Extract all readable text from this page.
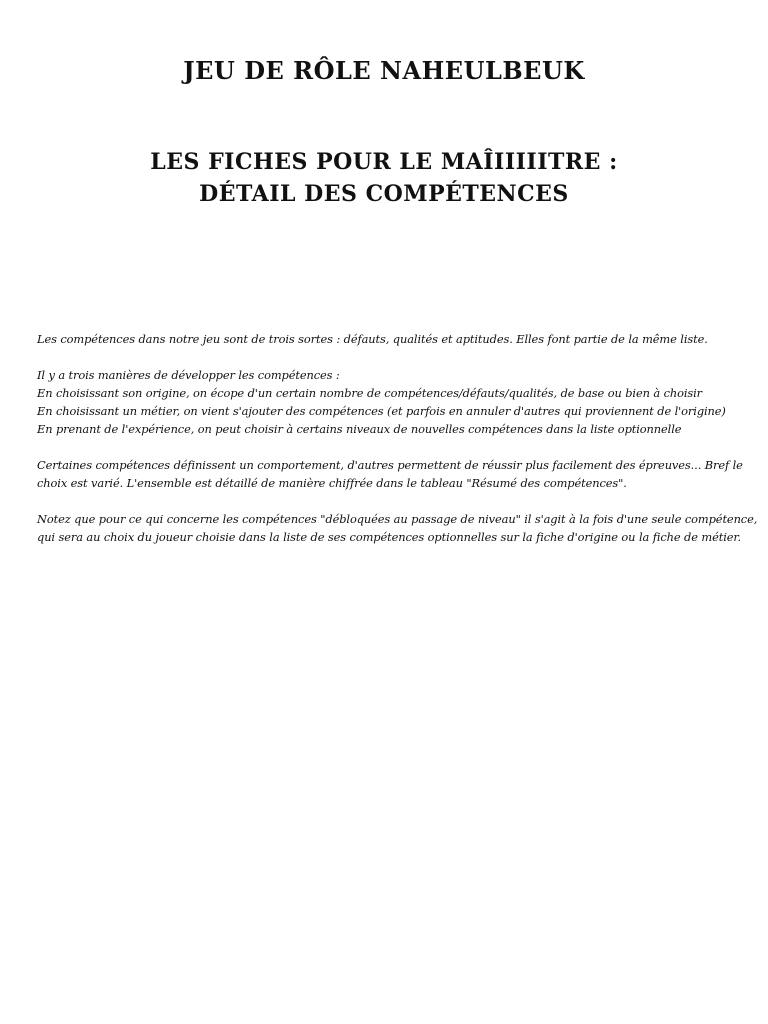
JEU DE RÔLE NAHEULBEUK
LES FICHES POUR LE MAÎIIIIITRE :
DÉTAIL DES COMPÉTENCES

Les compétences dans notre jeu sont de trois sortes : défauts, qualités et aptitudes. Elles font partie de la même liste.

Il y a trois manières de développer les compétences :
En choisissant son origine, on écope d'un certain nombre de compétences/défauts/qualités, de base ou bien à choisir
En choisissant un métier, on vient s'ajouter des compétences (et parfois en annuler d'autres qui proviennent de l'origine)
En prenant de l'expérience, on peut choisir à certains niveaux de nouvelles compétences dans la liste optionnelle

Certaines compétences définissent un comportement, d'autres permettent de réussir plus facilement des épreuves... Bref le
choix est varié. L'ensemble est détaillé de manière chiffrée dans le tableau "Résumé des compétences".

Notez que pour ce qui concerne les compétences "débloquées au passage de niveau" il s'agit à la fois d'une seule compétence,
qui sera au choix du joueur choisie dans la liste de ses compétences optionnelles sur la fiche d'origine ou la fiche de métier.
